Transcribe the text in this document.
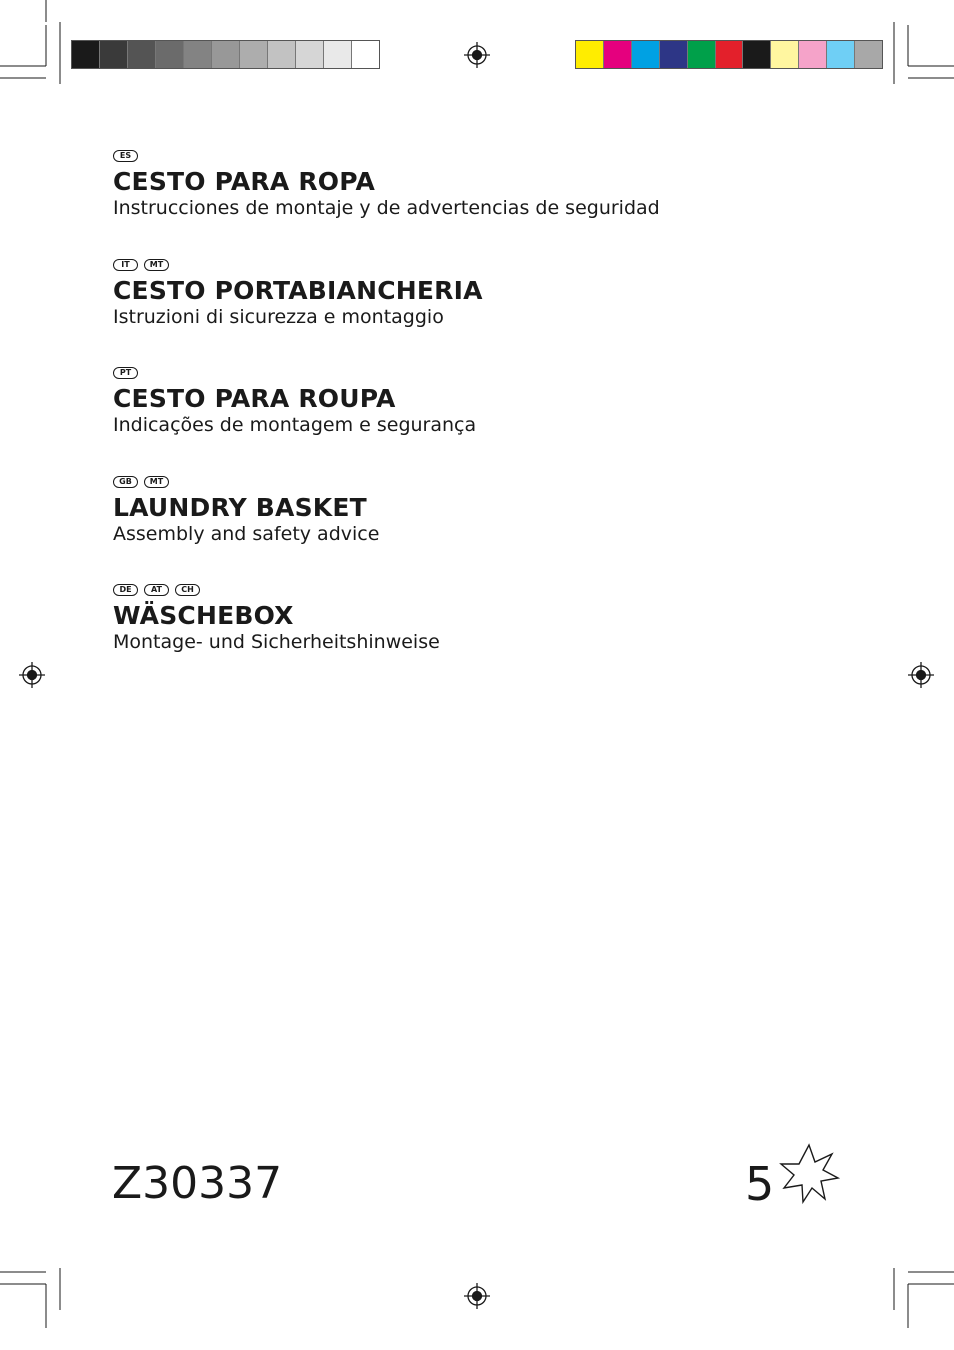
ES
CESTO PARA ROPA
Instrucciones de montaje y de advertencias de seguridad
IT	MT
CESTO PORTABIANCHERIA
Istruzioni di sicurezza e montaggio
PT
CESTO PARA ROUPA
Indicações de montagem e segurança
GB	MT
LAUNDRY BASKET
Assembly and safety advice
DE	AT	CH
WÄSCHEBOX
Montage- und Sicherheitshinweise
Z30337	5
